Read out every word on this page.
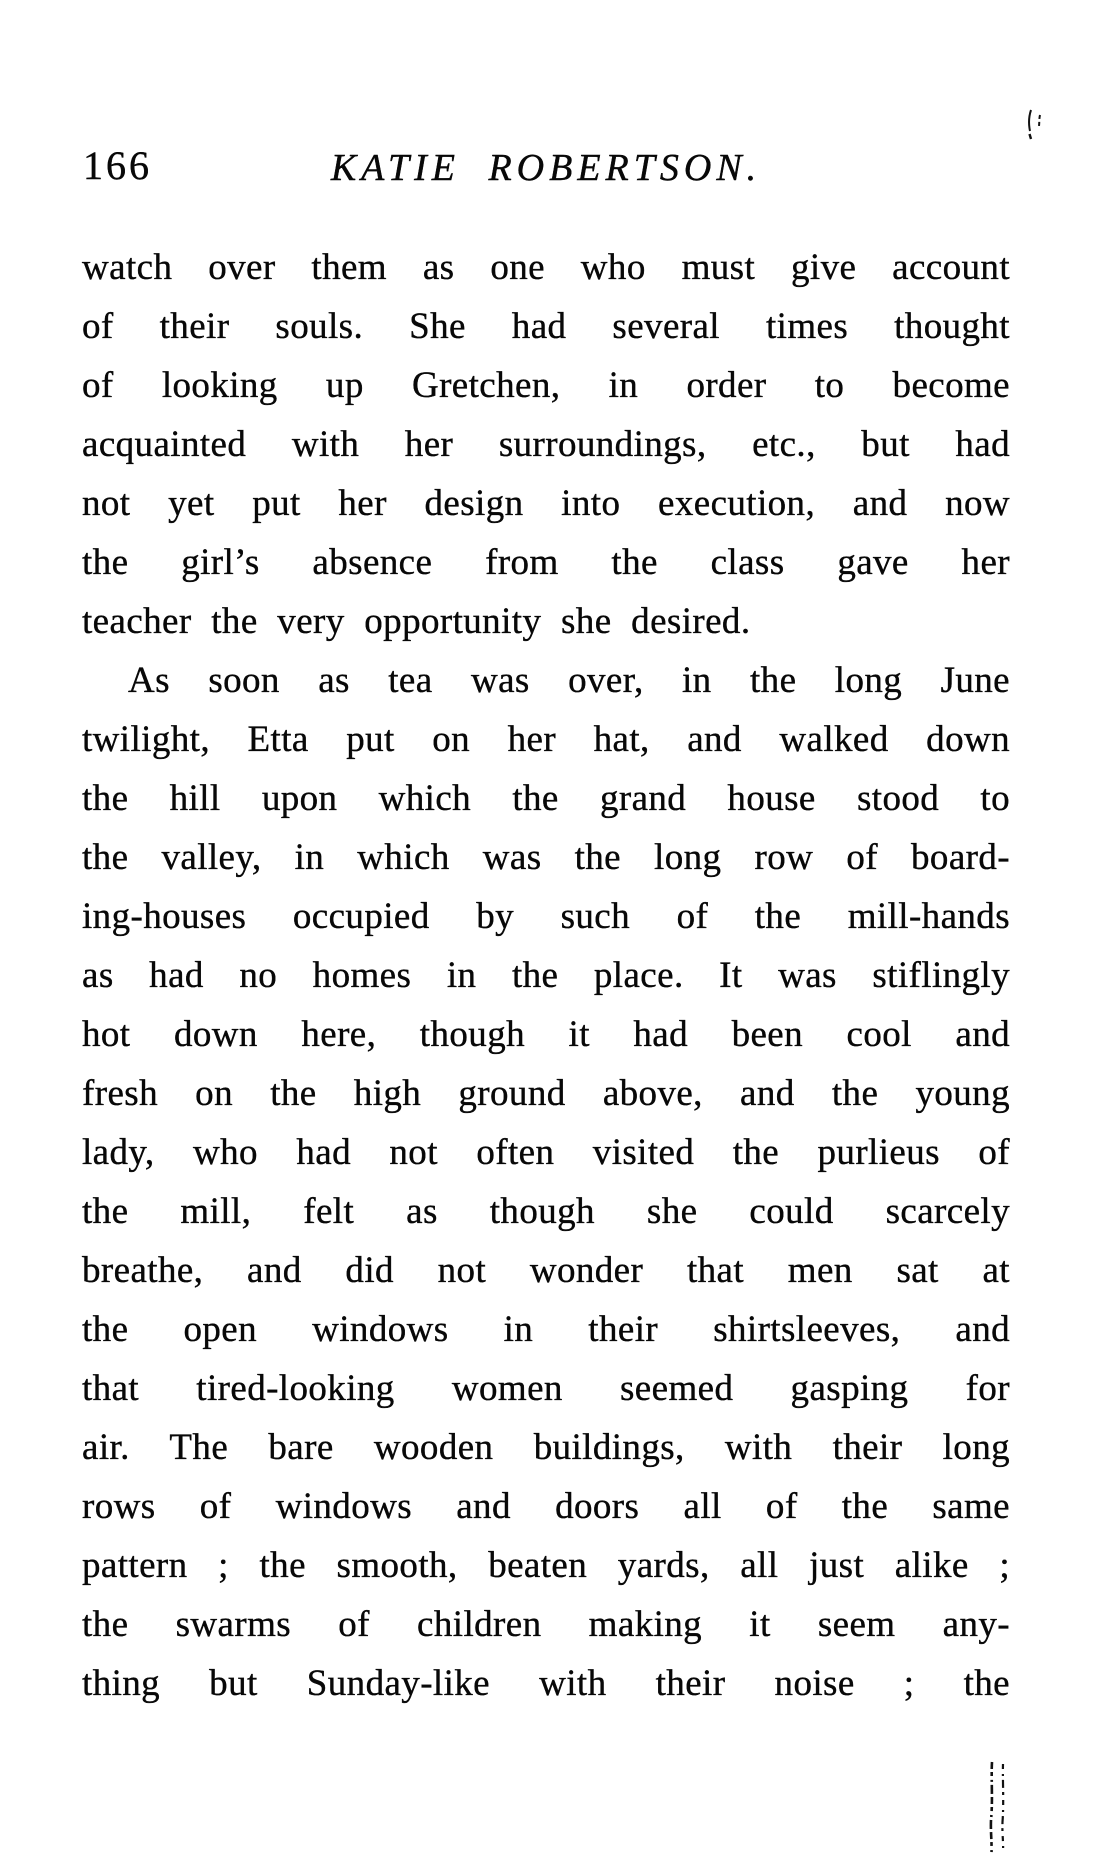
166	KATIE ROBERTSON.
watch over them as one who must give account
of their souls. She had several times thought
of looking up Gretchen, in order to become
acquainted with her surroundings, etc., but had
not yet put her design into execution, and now
the girl’s absence from the class gave her
teacher the very opportunity she desired.
As soon as tea was over, in the long June
twilight, Etta put on her hat, and walked down
the hill upon which the grand house stood to
the valley, in which was the long row of board-
ing-houses occupied by such of the mill-hands
as had no homes in the place. It was stiflingly
hot down here, though it had been cool and
fresh on the high ground above, and the young
lady, who had not often visited the purlieus of
the mill, felt as though she could scarcely
breathe, and did not wonder that men sat at
the open windows in their shirtsleeves, and
that tired-looking women seemed gasping for
air. The bare wooden buildings, with their long
rows of windows and doors all of the same
pattern ; the smooth, beaten yards, all just alike ;
the swarms of children making it seem any-
thing but Sunday-like with their noise ; the
